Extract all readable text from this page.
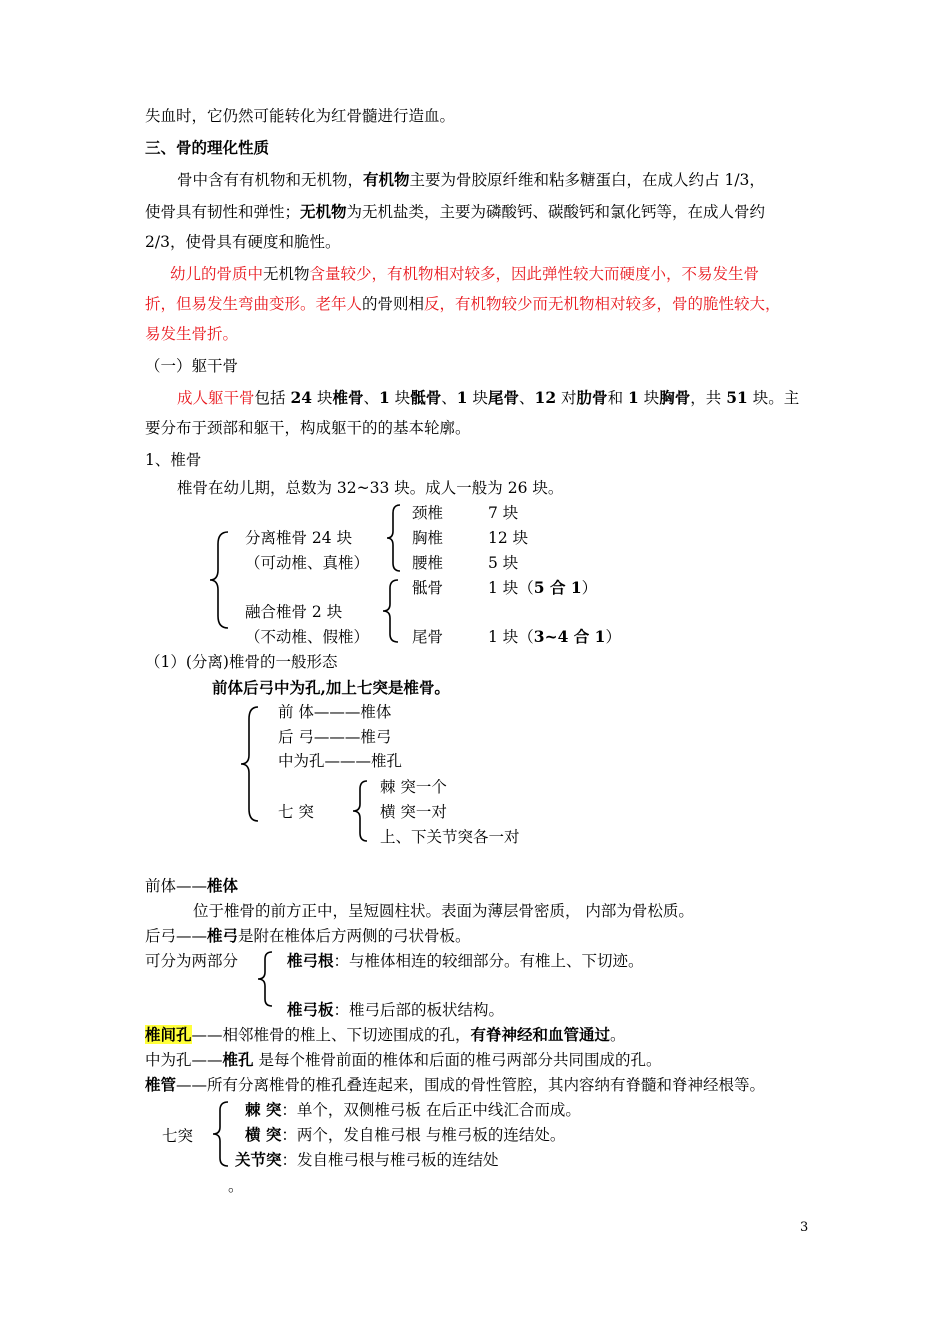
失血时，它仍然可能转化为红骨髓进行造血。
三、骨的理化性质
骨中含有有机物和无机物，有机物主要为骨胶原纤维和粘多糖蛋白，在成人约占 1/3，
使骨具有韧性和弹性；无机物为无机盐类，主要为磷酸钙、碳酸钙和氯化钙等，在成人骨约
2/3，使骨具有硬度和脆性。
幼儿的骨质中无机物含量较少，有机物相对较多，因此弹性较大而硬度小，不易发生骨
折，但易发生弯曲变形。老年人的骨则相反，有机物较少而无机物相对较多，骨的脆性较大，
易发生骨折。
（一）躯干骨
成人躯干骨包括 24 块椎骨、1 块骶骨、1 块尾骨、12 对肋骨和 1 块胸骨，共 51 块。主
要分布于颈部和躯干，构成躯干的的基本轮廓。
1、椎骨
椎骨在幼儿期，总数为 32~33 块。成人一般为 26 块。
分离椎骨 24 块
（可动椎、真椎）
融合椎骨 2 块
（不动椎、假椎）
颈椎	7 块
胸椎	12 块
腰椎	5 块
骶骨	1 块（5 合 1）
尾骨	1 块（3~4 合 1）
（1）(分离)椎骨的一般形态
前体后弓中为孔,加上七突是椎骨。
前 体———椎体
后 弓———椎弓
中为孔———椎孔
七 突
棘 突一个
横 突一对
上、下关节突各一对
前体——椎体
位于椎骨的前方正中，呈短圆柱状。表面为薄层骨密质， 内部为骨松质。
后弓——椎弓是附在椎体后方两侧的弓状骨板。
可分为两部分	椎弓根：与椎体相连的较细部分。有椎上、下切迹。
椎弓板：椎弓后部的板状结构。
椎间孔——相邻椎骨的椎上、下切迹围成的孔，有脊神经和血管通过。
中为孔——椎孔 是每个椎骨前面的椎体和后面的椎弓两部分共同围成的孔。
椎管——所有分离椎骨的椎孔叠连起来，围成的骨性管腔，其内容纳有脊髓和脊神经根等。
七突
棘 突：单个，双侧椎弓板 在后正中线汇合而成。
横 突：两个，发自椎弓根 与椎弓板的连结处。
关节突：发自椎弓根与椎弓板的连结处
。
3
